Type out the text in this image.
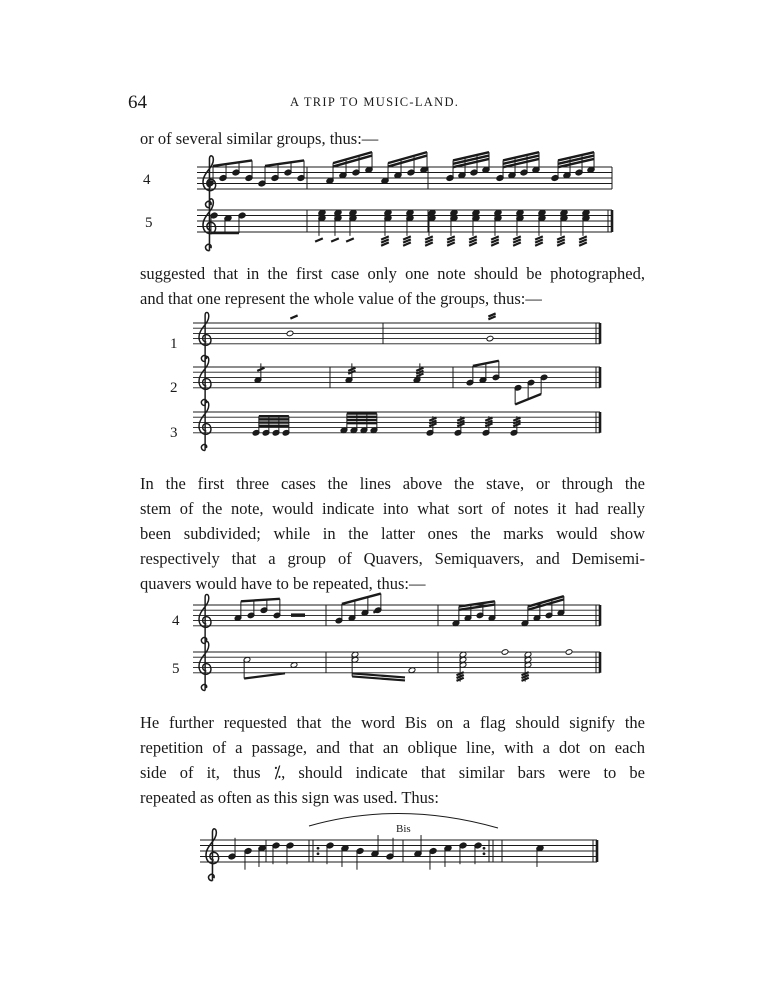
64	A TRIP TO MUSIC-LAND.

or of several similar groups, thus:—

4
5

suggested that in the first case only one note should be photographed,
and that one represent the whole value of the groups, thus:—

1
2
3

In the first three cases the lines above the stave, or through the
stem of the note, would indicate into what sort of notes it had really
been subdivided; while in the latter ones the marks would show
respectively that a group of Quavers, Semiquavers, and Demisemi-
quavers would have to be repeated, thus:—

4
5

He further requested that the word Bis on a flag should signify the
repetition of a passage, and that an oblique line, with a dot on each
side of it, thus ⁒, should indicate that similar bars were to be
repeated as often as this sign was used. Thus:

Bis
